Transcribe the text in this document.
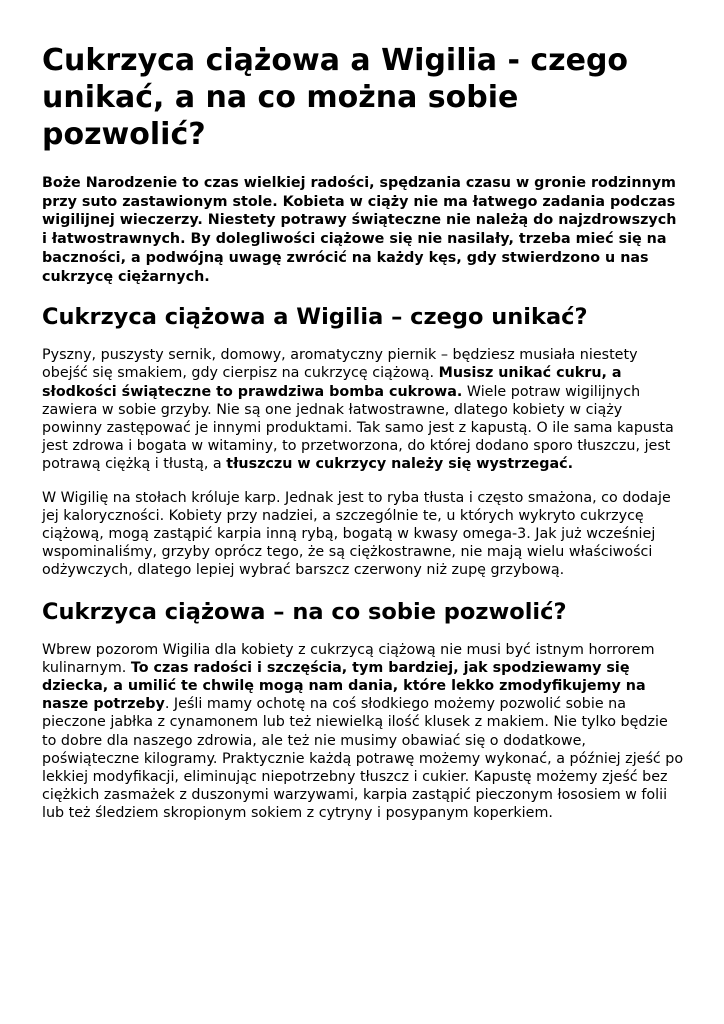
Cukrzyca ciążowa a Wigilia - czego unikać, a na co można sobie pozwolić?

Boże Narodzenie to czas wielkiej radości, spędzania czasu w gronie rodzinnym przy suto zastawionym stole. Kobieta w ciąży nie ma łatwego zadania podczas wigilijnej wieczerzy. Niestety potrawy świąteczne nie należą do najzdrowszych i łatwostrawnych. By dolegliwości ciążowe się nie nasilały, trzeba mieć się na baczności, a podwójną uwagę zwrócić na każdy kęs, gdy stwierdzono u nas cukrzycę ciężarnych.

Cukrzyca ciążowa a Wigilia – czego unikać?

Pyszny, puszysty sernik, domowy, aromatyczny piernik – będziesz musiała niestety obejść się smakiem, gdy cierpisz na cukrzycę ciążową. Musisz unikać cukru, a słodkości świąteczne to prawdziwa bomba cukrowa. Wiele potraw wigilijnych zawiera w sobie grzyby. Nie są one jednak łatwostrawne, dlatego kobiety w ciąży powinny zastępować je innymi produktami. Tak samo jest z kapustą. O ile sama kapusta jest zdrowa i bogata w witaminy, to przetworzona, do której dodano sporo tłuszczu, jest potrawą ciężką i tłustą, a tłuszczu w cukrzycy należy się wystrzegać.

W Wigilię na stołach króluje karp. Jednak jest to ryba tłusta i często smażona, co dodaje jej kaloryczności. Kobiety przy nadziei, a szczególnie te, u których wykryto cukrzycę ciążową, mogą zastąpić karpia inną rybą, bogatą w kwasy omega-3. Jak już wcześniej wspominaliśmy, grzyby oprócz tego, że są ciężkostrawne, nie mają wielu właściwości odżywczych, dlatego lepiej wybrać barszcz czerwony niż zupę grzybową.

Cukrzyca ciążowa – na co sobie pozwolić?

Wbrew pozorom Wigilia dla kobiety z cukrzycą ciążową nie musi być istnym horrorem kulinarnym. To czas radości i szczęścia, tym bardziej, jak spodziewamy się dziecka, a umilić te chwilę mogą nam dania, które lekko zmodyfikujemy na nasze potrzeby. Jeśli mamy ochotę na coś słodkiego możemy pozwolić sobie na pieczone jabłka z cynamonem lub też niewielką ilość klusek z makiem. Nie tylko będzie to dobre dla naszego zdrowia, ale też nie musimy obawiać się o dodatkowe, poświąteczne kilogramy. Praktycznie każdą potrawę możemy wykonać, a później zjeść po lekkiej modyfikacji, eliminując niepotrzebny tłuszcz i cukier. Kapustę możemy zjeść bez ciężkich zasmażek z duszonymi warzywami, karpia zastąpić pieczonym łososiem w folii lub też śledziem skropionym sokiem z cytryny i posypanym koperkiem.
